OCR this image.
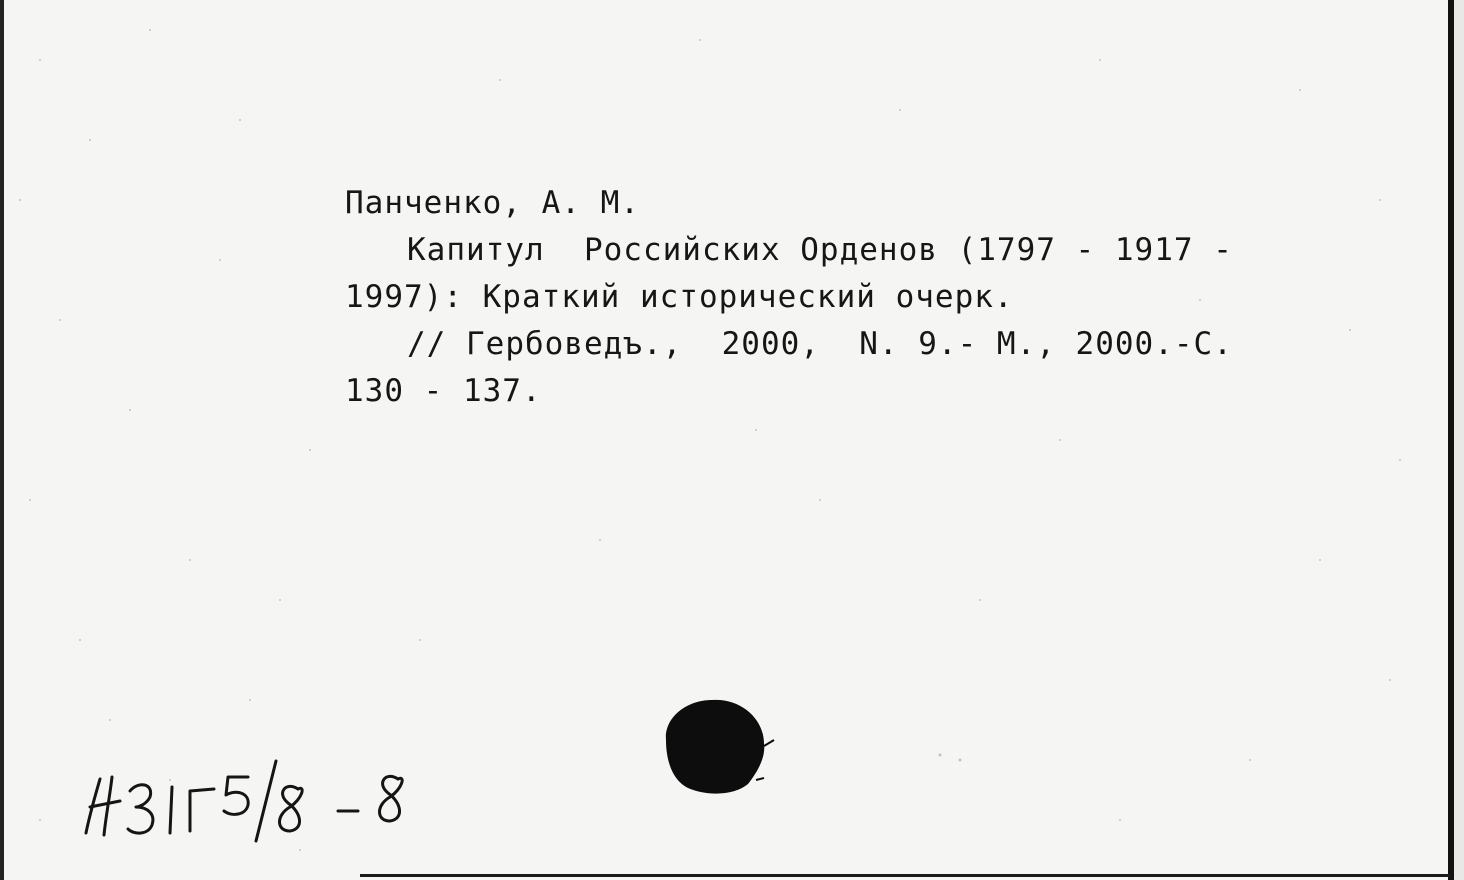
Панченко, А. М.
Капитул  Российских Орденов (1797 - 1917 -
1997): Краткий исторический очерк.
// Гербоведъ.,  2000,  N. 9.- М., 2000.-С.
130 - 137.
